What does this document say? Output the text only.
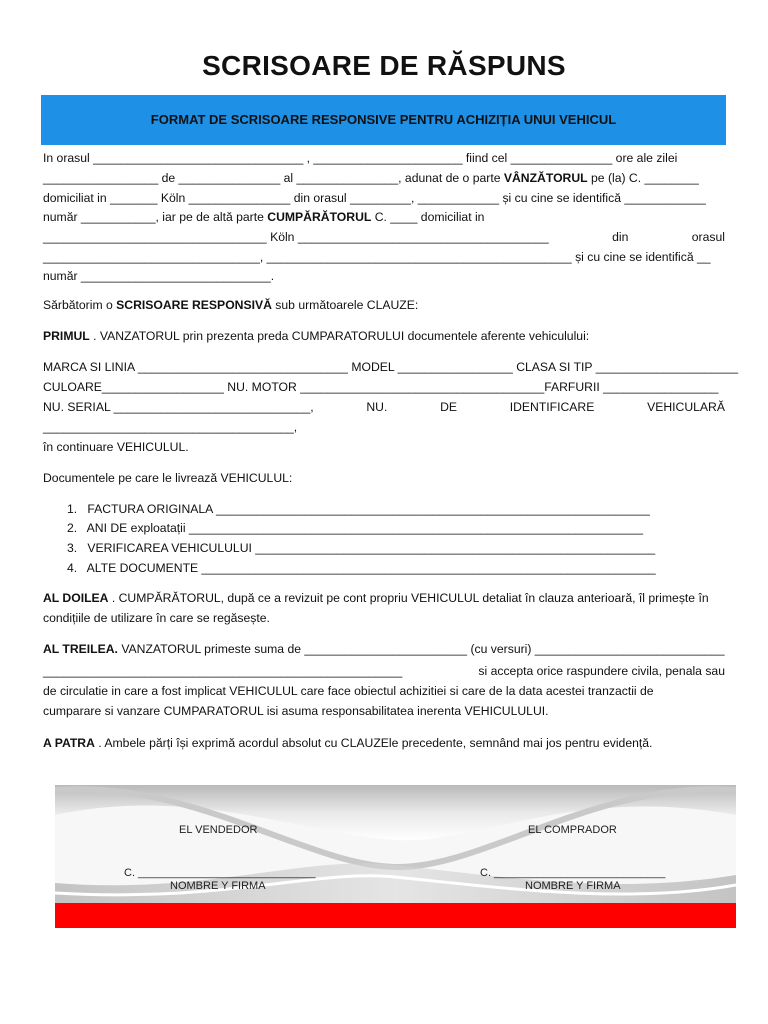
SCRISOARE DE RĂSPUNS
FORMAT DE SCRISOARE RESPONSIVE PENTRU ACHIZIȚIA UNUI VEHICUL
In orasul _______________________________ , ______________________ fiind cel _______________ ore ale zilei
_________________ de _______________ al _______________, adunat de o parte VÂNZĂTORUL pe (la) C. ________
domiciliat in _______ Köln _______________ din orasul _________, ____________ și cu cine se identifică ____________
număr ___________, iar pe de altă parte CUMPĂRĂTORUL C. ____ domiciliat in
_________________________________ Köln _____________________________________	din	orasul
________________________________, _____________________________________________ și cu cine se identifică __
număr ____________________________.
Sărbătorim o SCRISOARE RESPONSIVĂ sub următoarele CLAUZE:
PRIMUL . VANZATORUL prin prezenta preda CUMPARATORULUI documentele aferente vehiculului:
MARCA SI LINIA _______________________________ MODEL _________________ CLASA SI TIP _____________________
CULOARE__________________ NU. MOTOR ____________________________________FARFURII _________________
NU. SERIAL _____________________________,	NU.	DE	IDENTIFICARE	VEHICULARĂ
_____________________________________,
în continuare VEHICULUL.
Documentele pe care le livrează VEHICULUL:
1.   FACTURA ORIGINALA ________________________________________________________________
2.   ANI DE exploatații ___________________________________________________________________
3.   VERIFICAREA VEHICULULUI ___________________________________________________________
4.   ALTE DOCUMENTE ___________________________________________________________________
AL DOILEA . CUMPĂRĂTORUL, după ce a revizuit pe cont propriu VEHICULUL detaliat în clauza anterioară, îl primește în
condițiile de utilizare în care se regăsește.
AL TREILEA. VANZATORUL primeste suma de ________________________ (cu versuri) ____________________________
_____________________________________________________	si accepta orice raspundere civila, penala sau
de circulatie in care a fost implicat VEHICULUL care face obiectul achizitiei si care de la data acestei tranzactii de
cumparare si vanzare CUMPARATORUL isi asuma responsabilitatea inerenta VEHICULULUI.
A PATRA . Ambele părți își exprimă acordul absolut cu CLAUZEle precedente, semnând mai jos pentru evidență.
EL VENDEDOR	EL COMPRADOR
C. _____________________________	C. ____________________________
NOMBRE Y FIRMA	NOMBRE Y FIRMA
